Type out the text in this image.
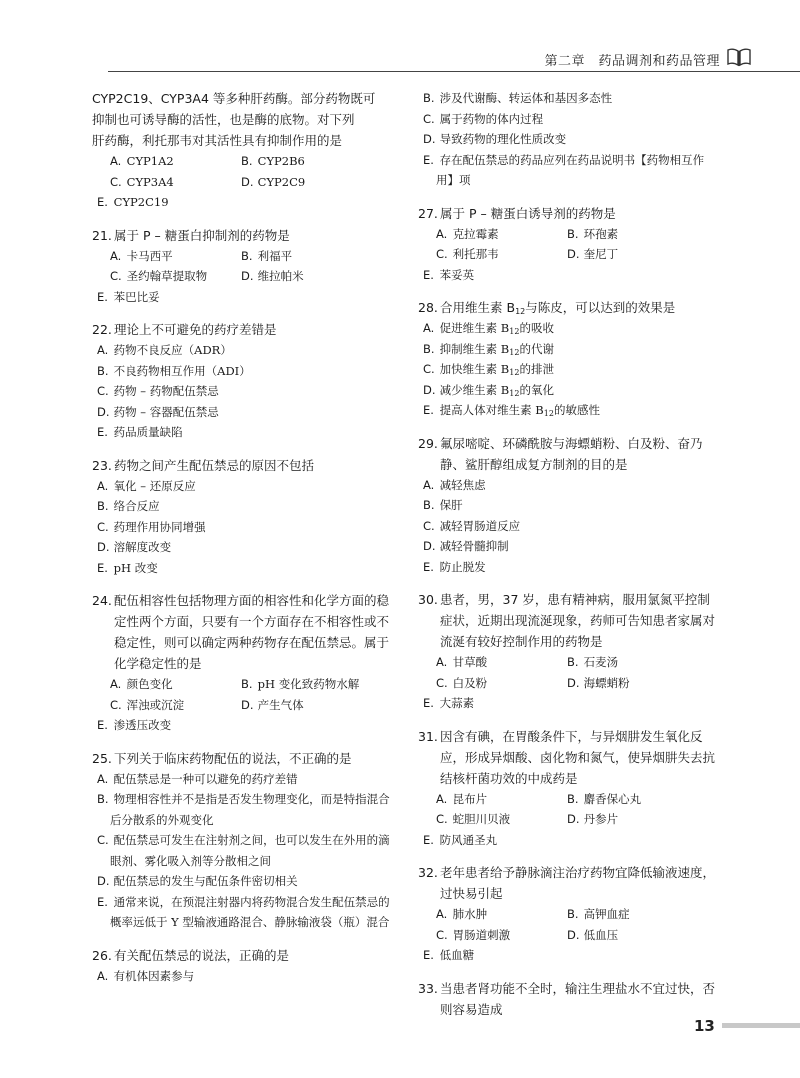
第二章　药品调剂和药品管理
CYP2C19、CYP3A4 等多种肝药酶。部分药物既可
抑制也可诱导酶的活性，也是酶的底物。对下列
肝药酶，利托那韦对其活性具有抑制作用的是
A. CYP1A2	B. CYP2B6
C. CYP3A4	D. CYP2C9
E. CYP2C19
21. 属于 P – 糖蛋白抑制剂的药物是
A. 卡马西平	B. 利福平
C. 圣约翰草提取物	D. 维拉帕米
E. 苯巴比妥
22. 理论上不可避免的药疗差错是
A. 药物不良反应（ADR）
B. 不良药物相互作用（ADI）
C. 药物 – 药物配伍禁忌
D. 药物 – 容器配伍禁忌
E. 药品质量缺陷
23. 药物之间产生配伍禁忌的原因不包括
A. 氧化 – 还原反应
B. 络合反应
C. 药理作用协同增强
D. 溶解度改变
E. pH 改变
24. 配伍相容性包括物理方面的相容性和化学方面的稳定性两个方面，只要有一个方面存在不相容性或不稳定性，则可以确定两种药物存在配伍禁忌。属于化学稳定性的是
A. 颜色变化	B. pH 变化致药物水解
C. 浑浊或沉淀	D. 产生气体
E. 渗透压改变
25. 下列关于临床药物配伍的说法，不正确的是
A. 配伍禁忌是一种可以避免的药疗差错
B. 物理相容性并不是指是否发生物理变化，而是特指混合后分散系的外观变化
C. 配伍禁忌可发生在注射剂之间，也可以发生在外用的滴眼剂、雾化吸入剂等分散相之间
D. 配伍禁忌的发生与配伍条件密切相关
E. 通常来说，在预混注射器内将药物混合发生配伍禁忌的概率远低于 Y 型输液通路混合、静脉输液袋（瓶）混合
26. 有关配伍禁忌的说法，正确的是
A. 有机体因素参与
B. 涉及代谢酶、转运体和基因多态性
C. 属于药物的体内过程
D. 导致药物的理化性质改变
E. 存在配伍禁忌的药品应列在药品说明书【药物相互作用】项
27. 属于 P – 糖蛋白诱导剂的药物是
A. 克拉霉素	B. 环孢素
C. 利托那韦	D. 奎尼丁
E. 苯妥英
28. 合用维生素 $B_{12}$与陈皮，可以达到的效果是
A. 促进维生素 $B_{12}$的吸收
B. 抑制维生素 $B_{12}$的代谢
C. 加快维生素 $B_{12}$的排泄
D. 减少维生素 $B_{12}$的氧化
E. 提高人体对维生素 $B_{12}$的敏感性
29. 氟尿嘧啶、环磷酰胺与海螵蛸粉、白及粉、奋乃静、鲨肝醇组成复方制剂的目的是
A. 减轻焦虑
B. 保肝
C. 减轻胃肠道反应
D. 减轻骨髓抑制
E. 防止脱发
30. 患者，男，37 岁，患有精神病，服用氯氮平控制症状，近期出现流涎现象，药师可告知患者家属对流涎有较好控制作用的药物是
A. 甘草酸	B. 石麦汤
C. 白及粉	D. 海螵蛸粉
E. 大蒜素
31. 因含有碘，在胃酸条件下，与异烟肼发生氧化反应，形成异烟酸、卤化物和氮气，使异烟肼失去抗结核杆菌功效的中成药是
A. 昆布片	B. 麝香保心丸
C. 蛇胆川贝液	D. 丹参片
E. 防风通圣丸
32. 老年患者给予静脉滴注治疗药物宜降低输液速度，过快易引起
A. 肺水肿	B. 高钾血症
C. 胃肠道刺激	D. 低血压
E. 低血糖
33. 当患者肾功能不全时，输注生理盐水不宜过快，否则容易造成
13
